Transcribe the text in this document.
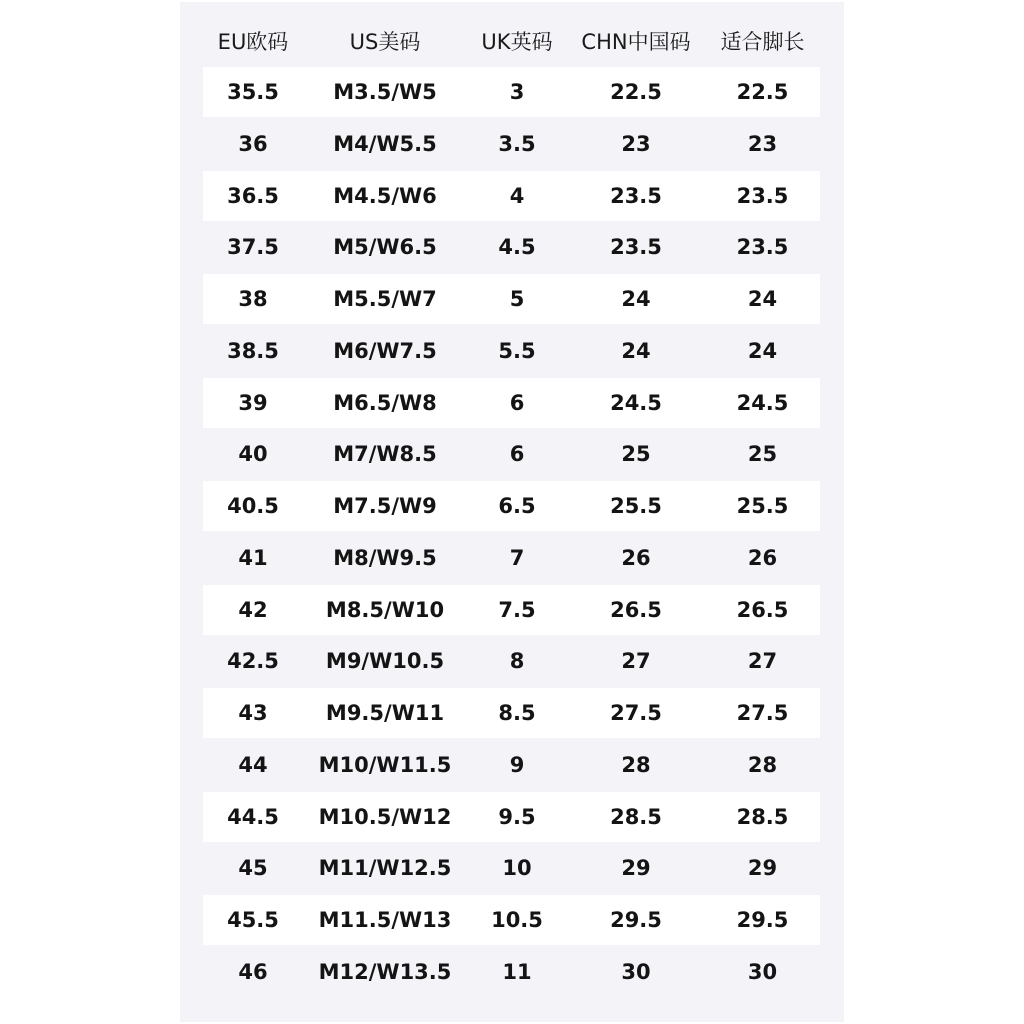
EU欧码	US美码	UK英码	CHN中国码	适合脚长
35.5	M3.5/W5	3	22.5	22.5
36	M4/W5.5	3.5	23	23
36.5	M4.5/W6	4	23.5	23.5
37.5	M5/W6.5	4.5	23.5	23.5
38	M5.5/W7	5	24	24
38.5	M6/W7.5	5.5	24	24
39	M6.5/W8	6	24.5	24.5
40	M7/W8.5	6	25	25
40.5	M7.5/W9	6.5	25.5	25.5
41	M8/W9.5	7	26	26
42	M8.5/W10	7.5	26.5	26.5
42.5	M9/W10.5	8	27	27
43	M9.5/W11	8.5	27.5	27.5
44	M10/W11.5	9	28	28
44.5	M10.5/W12	9.5	28.5	28.5
45	M11/W12.5	10	29	29
45.5	M11.5/W13	10.5	29.5	29.5
46	M12/W13.5	11	30	30
